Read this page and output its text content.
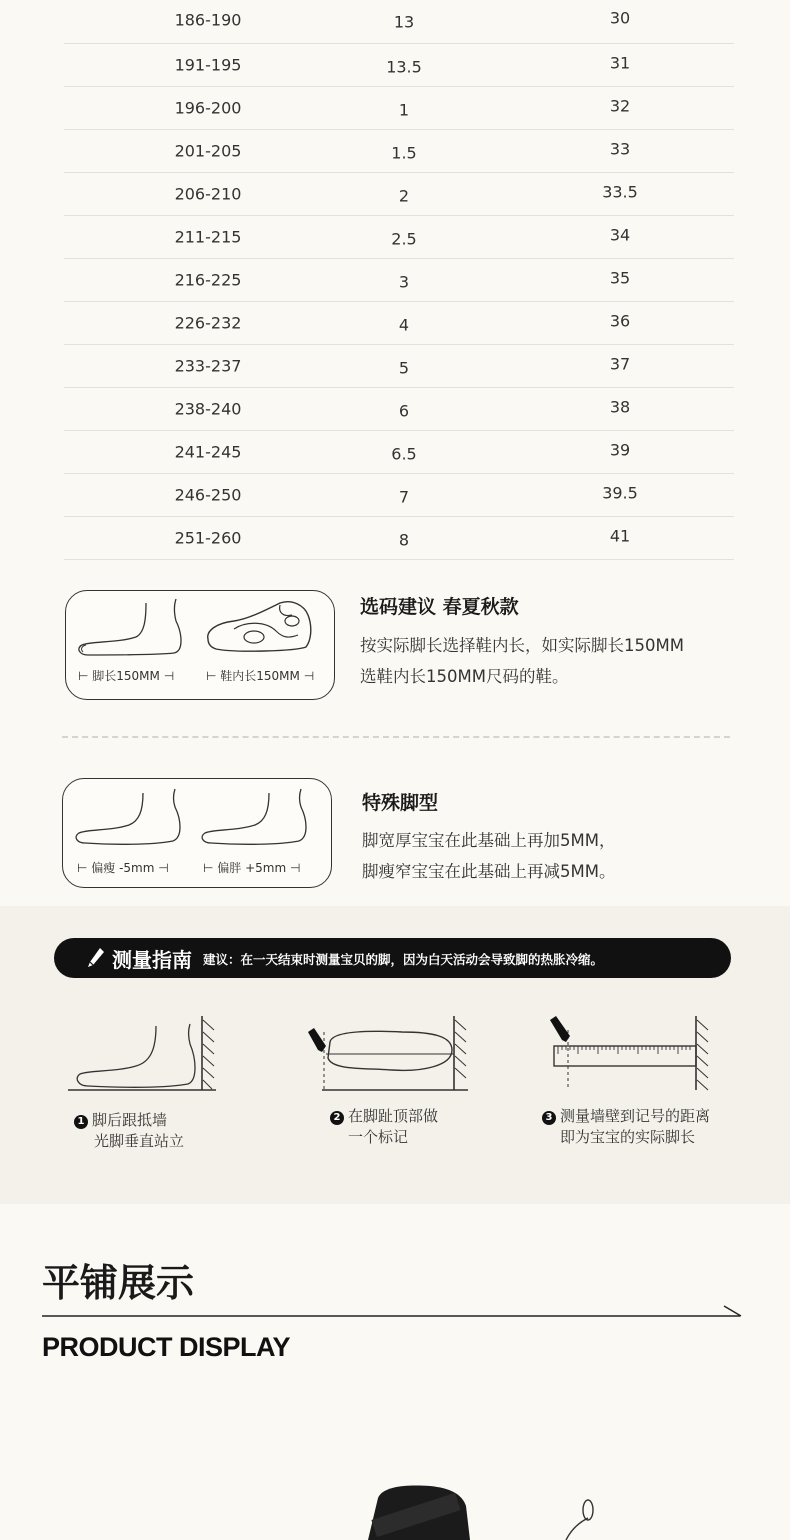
186-190	13	30
191-195	13.5	31
196-200	1	32
201-205	1.5	33
206-210	2	33.5
211-215	2.5	34
216-225	3	35
226-232	4	36
233-237	5	37
238-240	6	38
241-245	6.5	39
246-250	7	39.5
251-260	8	41
⊢ 脚长150MM ⊣	⊢ 鞋内长150MM ⊣
选码建议 春夏秋款
按实际脚长选择鞋内长，如实际脚长150MM
选鞋内长150MM尺码的鞋。
⊢ 偏瘦 -5mm ⊣	⊢ 偏胖 +5mm ⊣
特殊脚型
脚宽厚宝宝在此基础上再加5MM，
脚瘦窄宝宝在此基础上再减5MM。
测量指南 建议：在一天结束时测量宝贝的脚，因为白天活动会导致脚的热胀冷缩。
1 脚后跟抵墙
光脚垂直站立
2 在脚趾顶部做
一个标记
3 测量墙壁到记号的距离
即为宝宝的实际脚长
平铺展示
PRODUCT DISPLAY
